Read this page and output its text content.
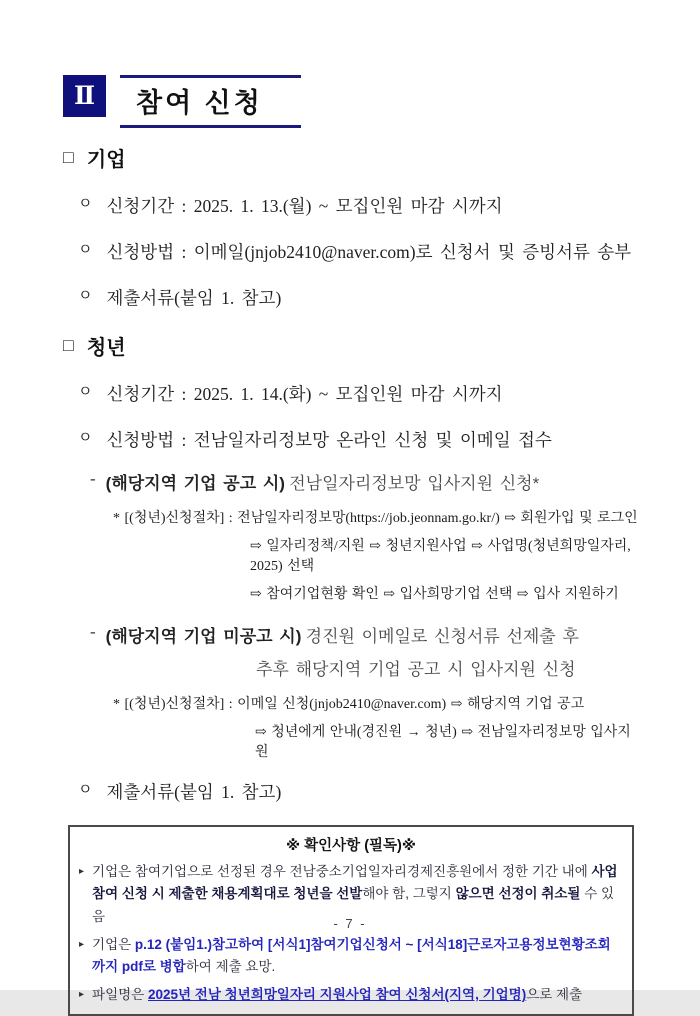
Ⅱ	참여 신청
□ 기업
ㅇ 신청기간 : 2025. 1. 13.(월) ~ 모집인원 마감 시까지
ㅇ 신청방법 : 이메일(jnjob2410@naver.com)로 신청서 및 증빙서류 송부
ㅇ 제출서류(붙임 1. 참고)
□ 청년
ㅇ 신청기간 : 2025. 1. 14.(화) ~ 모집인원 마감 시까지
ㅇ 신청방법 : 전남일자리정보망 온라인 신청 및 이메일 접수
- (해당지역 기업 공고 시) 전남일자리정보망 입사지원 신청*
* [(청년)신청절차] : 전남일자리정보망(https://job.jeonnam.go.kr/) ⇨ 회원가입 및 로그인
⇨ 일자리정책/지원 ⇨ 청년지원사업 ⇨ 사업명(청년희망일자리, 2025) 선택
⇨ 참여기업현황 확인 ⇨ 입사희망기업 선택 ⇨ 입사 지원하기
- (해당지역 기업 미공고 시) 경진원 이메일로 신청서류 선제출 후
추후 해당지역 기업 공고 시 입사지원 신청
* [(청년)신청절차] : 이메일 신청(jnjob2410@naver.com) ⇨ 해당지역 기업 공고
⇨ 청년에게 안내(경진원 → 청년) ⇨ 전남일자리정보망 입사지원
ㅇ 제출서류(붙임 1. 참고)
※ 확인사항 (필독)※
▸ 기업은 참여기업으로 선정된 경우 전남중소기업일자리경제진흥원에서 정한 기간 내에 사업 참여 신청 시 제출한 채용계획대로 청년을 선발해야 함, 그렇지 않으면 선정이 취소될 수 있음
▸ 기업은 p.12 (붙임1.)참고하여 [서식1]참여기업신청서 ~ [서식18]근로자고용정보현황조회까지 pdf로 병합하여 제출 요망.
▸ 파일명은 2025년 전남 청년희망일자리 지원사업 참여 신청서(지역, 기업명)으로 제출
- 7 -
